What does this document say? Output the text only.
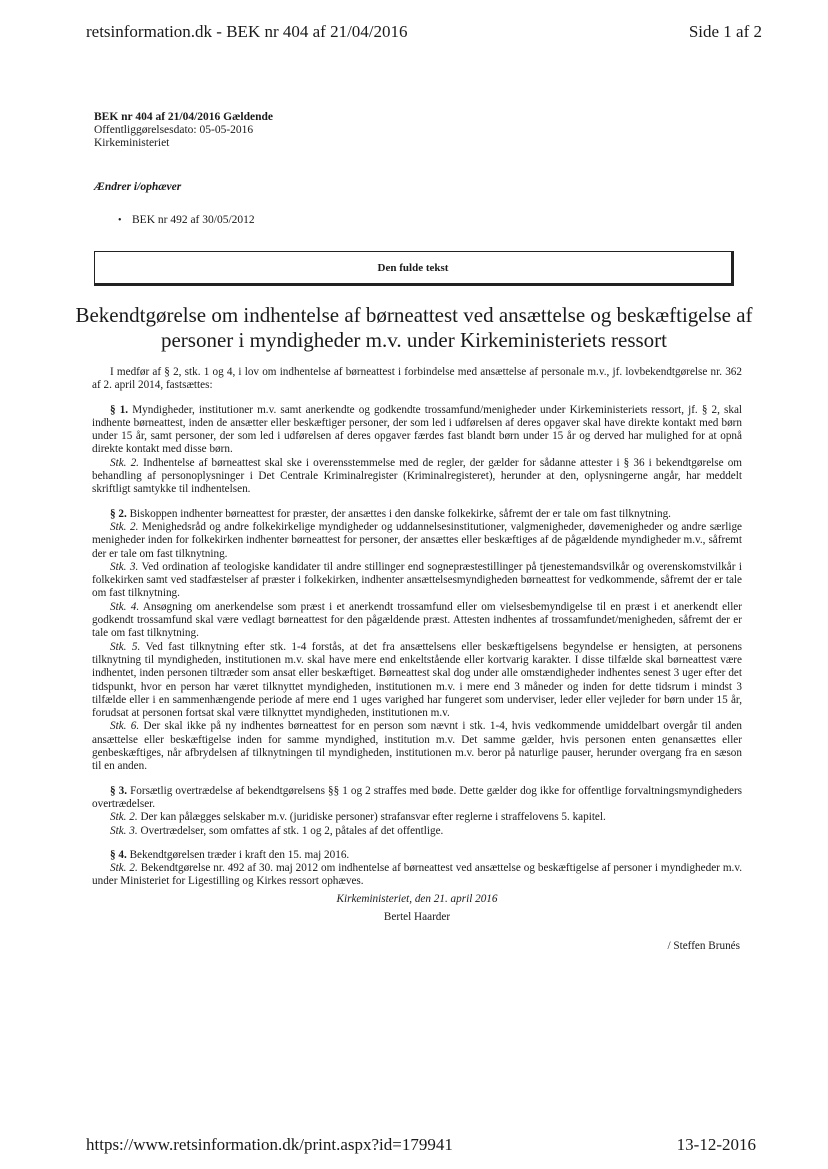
retsinformation.dk - BEK nr 404 af 21/04/2016	Side 1 af 2
BEK nr 404 af 21/04/2016 Gældende
Offentliggørelsesdato: 05-05-2016
Kirkeministeriet
Ændrer i/ophæver
• BEK nr 492 af 30/05/2012
Den fulde tekst
Bekendtgørelse om indhentelse af børneattest ved ansættelse og beskæftigelse af personer i myndigheder m.v. under Kirkeministeriets ressort

I medfør af § 2, stk. 1 og 4, i lov om indhentelse af børneattest i forbindelse med ansættelse af personale m.v., jf. lovbekendtgørelse nr. 362 af 2. april 2014, fastsættes:

§ 1. Myndigheder, institutioner m.v. samt anerkendte og godkendte trossamfund/menigheder under Kirkeministeriets ressort, jf. § 2, skal indhente børneattest, inden de ansætter eller beskæftiger personer, der som led i udførelsen af deres opgaver skal have direkte kontakt med børn under 15 år, samt personer, der som led i udførelsen af deres opgaver færdes fast blandt børn under 15 år og derved har mulighed for at opnå direkte kontakt med disse børn.

Stk. 2. Indhentelse af børneattest skal ske i overensstemmelse med de regler, der gælder for sådanne attester i § 36 i bekendtgørelse om behandling af personoplysninger i Det Centrale Kriminalregister (Kriminalregisteret), herunder at den, oplysningerne angår, har meddelt skriftligt samtykke til indhentelsen.

§ 2. Biskoppen indhenter børneattest for præster, der ansættes i den danske folkekirke, såfremt der er tale om fast tilknytning.

Stk. 2. Menighedsråd og andre folkekirkelige myndigheder og uddannelsesinstitutioner, valgmenigheder, døvemenigheder og andre særlige menigheder inden for folkekirken indhenter børneattest for personer, der ansættes eller beskæftiges af de pågældende myndigheder m.v., såfremt der er tale om fast tilknytning.

Stk. 3. Ved ordination af teologiske kandidater til andre stillinger end sognepræstestillinger på tjenestemandsvilkår og overenskomstvilkår i folkekirken samt ved stadfæstelser af præster i folkekirken, indhenter ansættelsesmyndigheden børneattest for vedkommende, såfremt der er tale om fast tilknytning.

Stk. 4. Ansøgning om anerkendelse som præst i et anerkendt trossamfund eller om vielsesbemyndigelse til en præst i et anerkendt eller godkendt trossamfund skal være vedlagt børneattest for den pågældende præst. Attesten indhentes af trossamfundet/menigheden, såfremt der er tale om fast tilknytning.

Stk. 5. Ved fast tilknytning efter stk. 1-4 forstås, at det fra ansættelsens eller beskæftigelsens begyndelse er hensigten, at personens tilknytning til myndigheden, institutionen m.v. skal have mere end enkeltstående eller kortvarig karakter. I disse tilfælde skal børneattest være indhentet, inden personen tiltræder som ansat eller beskæftiget. Børneattest skal dog under alle omstændigheder indhentes senest 3 uger efter det tidspunkt, hvor en person har været tilknyttet myndigheden, institutionen m.v. i mere end 3 måneder og inden for dette tidsrum i mindst 3 tilfælde eller i en sammenhængende periode af mere end 1 uges varighed har fungeret som underviser, leder eller vejleder for børn under 15 år, forudsat at personen fortsat skal være tilknyttet myndigheden, institutionen m.v.

Stk. 6. Der skal ikke på ny indhentes børneattest for en person som nævnt i stk. 1-4, hvis vedkommende umiddelbart overgår til anden ansættelse eller beskæftigelse inden for samme myndighed, institution m.v. Det samme gælder, hvis personen enten genansættes eller genbeskæftiges, når afbrydelsen af tilknytningen til myndigheden, institutionen m.v. beror på naturlige pauser, herunder overgang fra en sæson til en anden.

§ 3. Forsætlig overtrædelse af bekendtgørelsens §§ 1 og 2 straffes med bøde. Dette gælder dog ikke for offentlige forvaltningsmyndigheders overtrædelser.

Stk. 2. Der kan pålægges selskaber m.v. (juridiske personer) strafansvar efter reglerne i straffelovens 5. kapitel.

Stk. 3. Overtrædelser, som omfattes af stk. 1 og 2, påtales af det offentlige.

§ 4. Bekendtgørelsen træder i kraft den 15. maj 2016.

Stk. 2. Bekendtgørelse nr. 492 af 30. maj 2012 om indhentelse af børneattest ved ansættelse og beskæftigelse af personer i myndigheder m.v. under Ministeriet for Ligestilling og Kirkes ressort ophæves.

Kirkeministeriet, den 21. april 2016
Bertel Haarder
/ Steffen Brunés
https://www.retsinformation.dk/print.aspx?id=179941	13-12-2016
